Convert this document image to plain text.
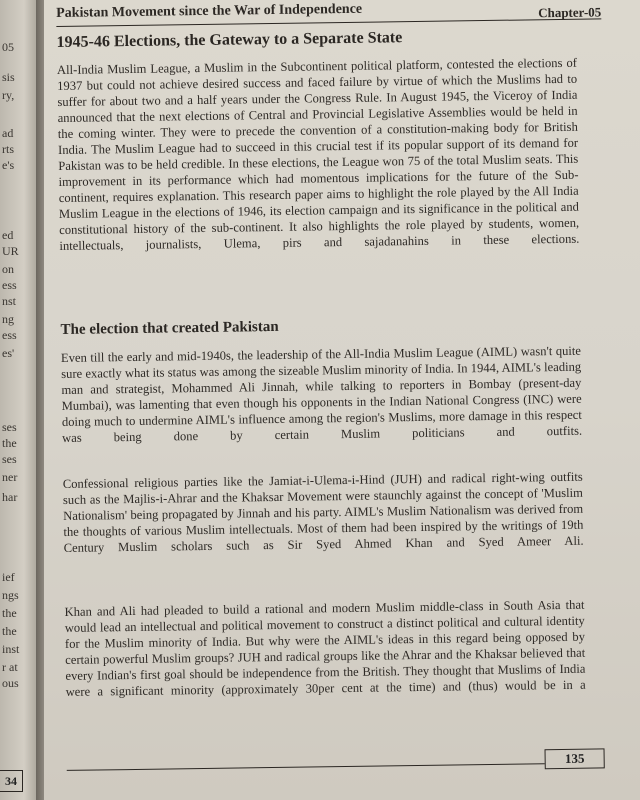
34
05
sis
ry,
ad
rts
e's
ed
UR
on
ess
nst
ng
ess
es'
ses
the
ses
ner
har
ief
ngs
the
the
inst
r at
ous
Pakistan Movement since the War of Independence	Chapter-05
1945-46 Elections, the Gateway to a Separate State

All-India Muslim League, a Muslim in the Subcontinent political platform, contested the elections of 1937 but could not achieve desired success and faced failure by virtue of which the Muslims had to suffer for about two and a half years under the Congress Rule. In August 1945, the Viceroy of India announced that the next elections of Central and Provincial Legislative Assemblies would be held in the coming winter. They were to precede the convention of a constitution-making body for British India. The Muslim League had to succeed in this crucial test if its popular support of its demand for Pakistan was to be held credible. In these elections, the League won 75 of the total Muslim seats. This improvement in its performance which had momentous implications for the future of the Sub-continent, requires explanation. This research paper aims to highlight the role played by the All India Muslim League in the elections of 1946, its election campaign and its significance in the political and constitutional history of the sub-continent. It also highlights the role played by students, women, intellectuals, journalists, Ulema, pirs and sajadanahins in these elections.

The election that created Pakistan

Even till the early and mid-1940s, the leadership of the All-India Muslim League (AIML) wasn't quite sure exactly what its status was among the sizeable Muslim minority of India. In 1944, AIML's leading man and strategist, Mohammed Ali Jinnah, while talking to reporters in Bombay (present-day Mumbai), was lamenting that even though his opponents in the Indian National Congress (INC) were doing much to undermine AIML's influence among the region's Muslims, more damage in this respect was being done by certain Muslim politicians and outfits.

Confessional religious parties like the Jamiat-i-Ulema-i-Hind (JUH) and radical right-wing outfits such as the Majlis-i-Ahrar and the Khaksar Movement were staunchly against the concept of 'Muslim Nationalism' being propagated by Jinnah and his party. AIML's Muslim Nationalism was derived from the thoughts of various Muslim intellectuals. Most of them had been inspired by the writings of 19th Century Muslim scholars such as Sir Syed Ahmed Khan and Syed Ameer Ali.

Khan and Ali had pleaded to build a rational and modern Muslim middle-class in South Asia that would lead an intellectual and political movement to construct a distinct political and cultural identity for the Muslim minority of India. But why were the AIML's ideas in this regard being opposed by certain powerful Muslim groups? JUH and radical groups like the Ahrar and the Khaksar believed that every Indian's first goal should be independence from the British. They thought that Muslims of India were a significant minority (approximately 30per cent at the time) and (thus) would be in a

135
